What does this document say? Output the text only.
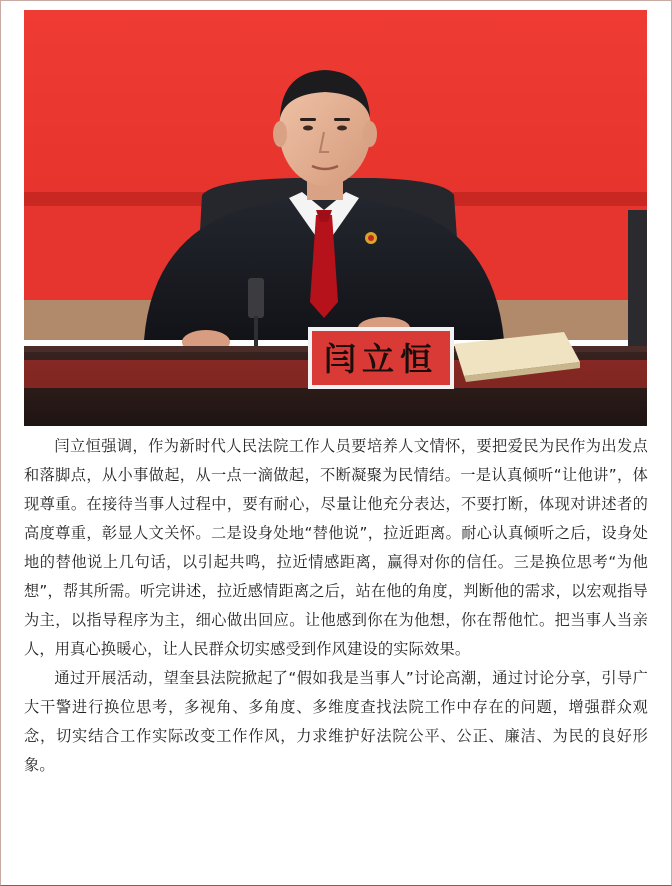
闫立恒

闫立恒强调，作为新时代人民法院工作人员要培养人文情怀，要把爱民为民作为出发点和落脚点，从小事做起，从一点一滴做起，不断凝聚为民情结。一是认真倾听“让他讲”，体现尊重。在接待当事人过程中，要有耐心，尽量让他充分表达，不要打断，体现对讲述者的高度尊重，彰显人文关怀。二是设身处地“替他说”，拉近距离。耐心认真倾听之后，设身处地的替他说上几句话，以引起共鸣，拉近情感距离，赢得对你的信任。三是换位思考“为他想”，帮其所需。听完讲述，拉近感情距离之后，站在他的角度，判断他的需求，以宏观指导为主，以指导程序为主，细心做出回应。让他感到你在为他想，你在帮他忙。把当事人当亲人，用真心换暖心，让人民群众切实感受到作风建设的实际效果。

通过开展活动，望奎县法院掀起了“假如我是当事人”讨论高潮，通过讨论分享，引导广大干警进行换位思考，多视角、多角度、多维度查找法院工作中存在的问题，增强群众观念，切实结合工作实际改变工作作风，力求维护好法院公平、公正、廉洁、为民的良好形象。
